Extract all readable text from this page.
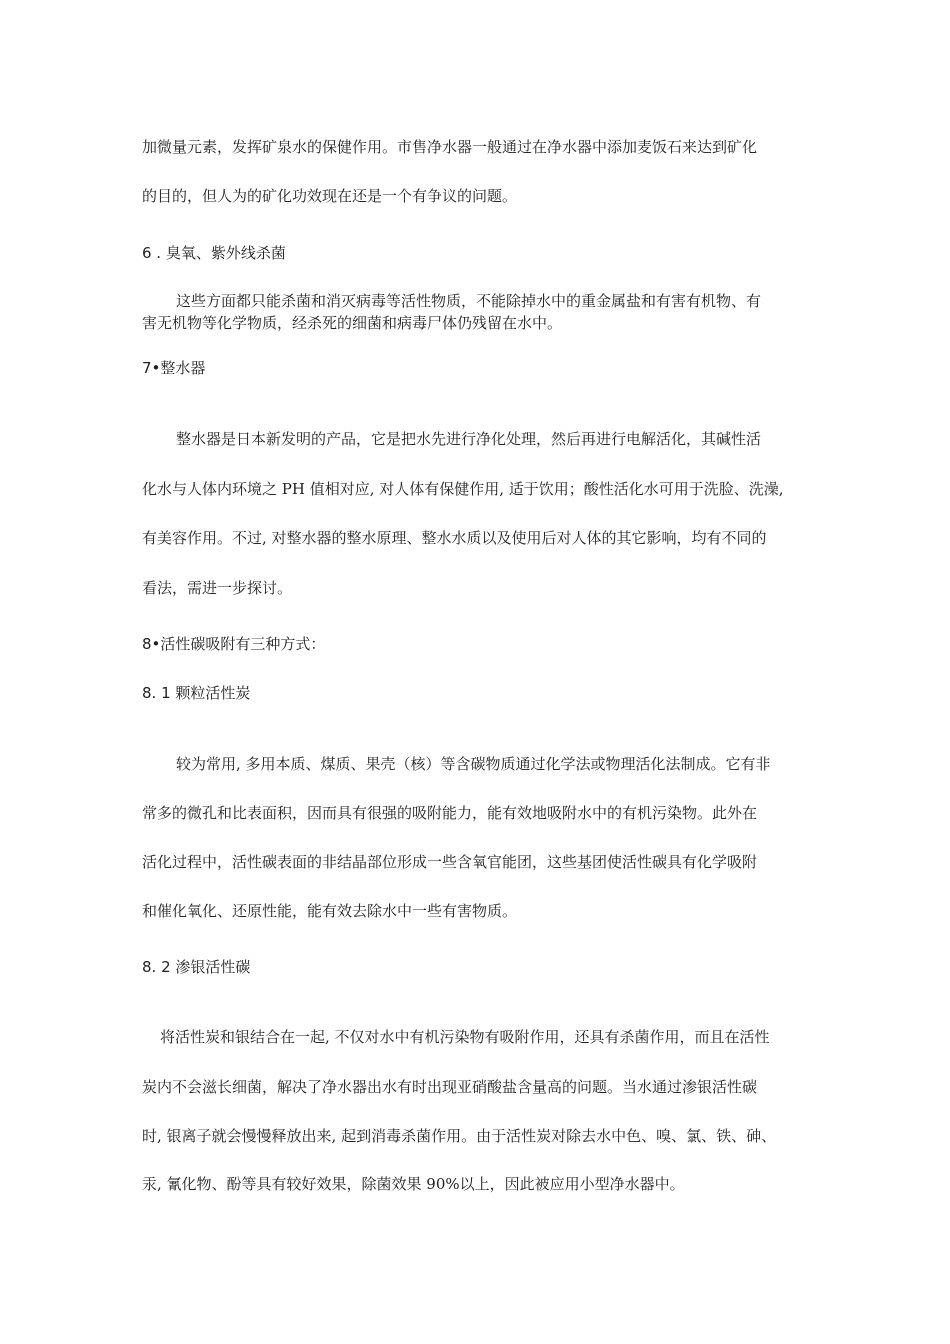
加微量元素，发挥矿泉水的保健作用。市售净水器一般通过在净水器中添加麦饭石来达到矿化
的目的，但人为的矿化功效现在还是一个有争议的问题。
6 . 臭氧、紫外线杀菌
这些方面都只能杀菌和消灭病毒等活性物质，不能除掉水中的重金属盐和有害有机物、有
害无机物等化学物质，经杀死的细菌和病毒尸体仍残留在水中。
7•整水器
整水器是日本新发明的产品，它是把水先进行净化处理，然后再进行电解活化，其碱性活
化水与人体内环境之 PH 值相对应, 对人体有保健作用, 适于饮用；酸性活化水可用于洗脸、洗澡,
有美容作用。不过, 对整水器的整水原理、整水水质以及使用后对人体的其它影响，均有不同的
看法，需进一步探讨。
8•活性碳吸附有三种方式：
8. 1 颗粒活性炭
较为常用, 多用本质、煤质、果壳（核）等含碳物质通过化学法或物理活化法制成。它有非
常多的微孔和比表面积，因而具有很强的吸附能力，能有效地吸附水中的有机污染物。此外在
活化过程中，活性碳表面的非结晶部位形成一些含氧官能团，这些基团使活性碳具有化学吸附
和催化氧化、还原性能，能有效去除水中一些有害物质。
8. 2 渗银活性碳
将活性炭和银结合在一起, 不仅对水中有机污染物有吸附作用，还具有杀菌作用，而且在活性
炭内不会滋长细菌，解决了净水器出水有时出现亚硝酸盐含量高的问题。当水通过渗银活性碳
时, 银离子就会慢慢释放出来, 起到消毒杀菌作用。由于活性炭对除去水中色、嗅、氯、铁、砷、
汞, 氰化物、酚等具有较好效果，除菌效果 90%以上，因此被应用小型净水器中。
